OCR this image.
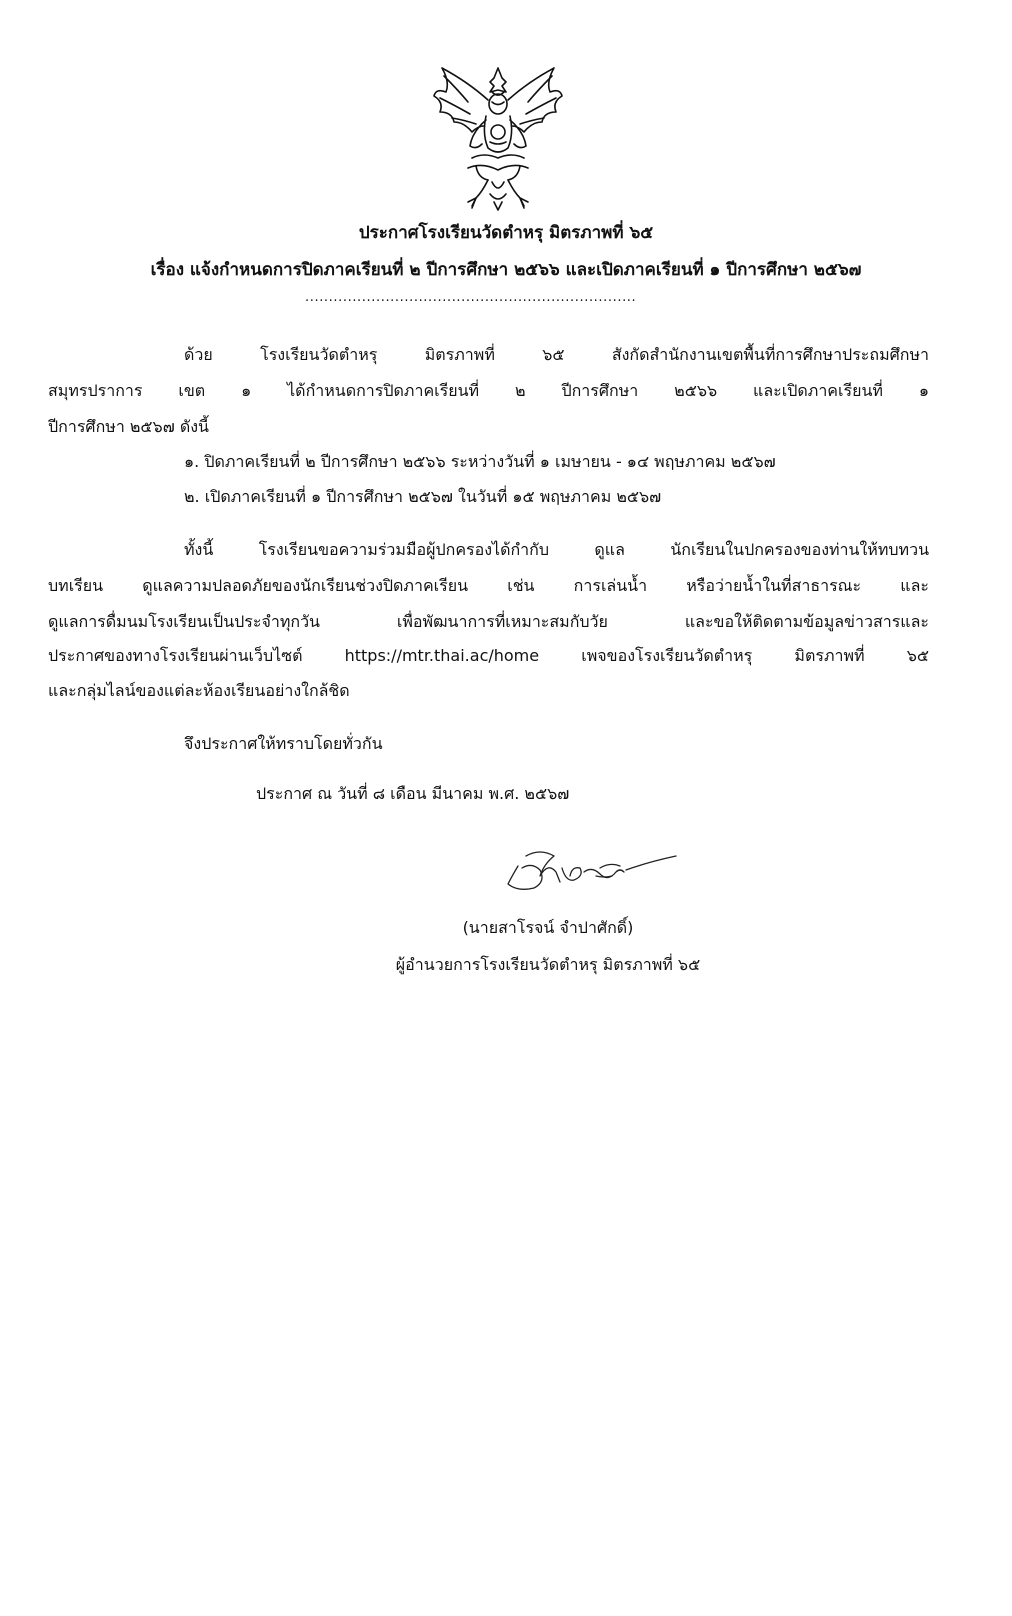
ประกาศโรงเรียนวัดตำหรุ มิตรภาพที่ ๖๕
เรื่อง แจ้งกำหนดการปิดภาคเรียนที่ ๒ ปีการศึกษา ๒๕๖๖ และเปิดภาคเรียนที่ ๑ ปีการศึกษา ๒๕๖๗
......................................................................
ด้วย โรงเรียนวัดตำหรุ มิตรภาพที่ ๖๕ สังกัดสำนักงานเขตพื้นที่การศึกษาประถมศึกษา
สมุทรปราการ เขต ๑ ได้กำหนดการปิดภาคเรียนที่ ๒ ปีการศึกษา ๒๕๖๖ และเปิดภาคเรียนที่ ๑
ปีการศึกษา ๒๕๖๗ ดังนี้
๑. ปิดภาคเรียนที่ ๒ ปีการศึกษา ๒๕๖๖ ระหว่างวันที่ ๑ เมษายน - ๑๔ พฤษภาคม ๒๕๖๗
๒. เปิดภาคเรียนที่ ๑ ปีการศึกษา ๒๕๖๗ ในวันที่ ๑๕ พฤษภาคม ๒๕๖๗
ทั้งนี้ โรงเรียนขอความร่วมมือผู้ปกครองได้กำกับ ดูแล นักเรียนในปกครองของท่านให้ทบทวน
บทเรียน ดูแลความปลอดภัยของนักเรียนช่วงปิดภาคเรียน เช่น การเล่นน้ำ หรือว่ายน้ำในที่สาธารณะ และ
ดูแลการดื่มนมโรงเรียนเป็นประจำทุกวัน เพื่อพัฒนาการที่เหมาะสมกับวัย และขอให้ติดตามข้อมูลข่าวสารและ
ประกาศของทางโรงเรียนผ่านเว็บไซต์ https://mtr.thai.ac/home เพจของโรงเรียนวัดตำหรุ มิตรภาพที่ ๖๕
และกลุ่มไลน์ของแต่ละห้องเรียนอย่างใกล้ชิด
จึงประกาศให้ทราบโดยทั่วกัน
ประกาศ ณ วันที่ ๘ เดือน มีนาคม พ.ศ. ๒๕๖๗
(นายสาโรจน์ จำปาศักดิ์)
ผู้อำนวยการโรงเรียนวัดตำหรุ มิตรภาพที่ ๖๕
